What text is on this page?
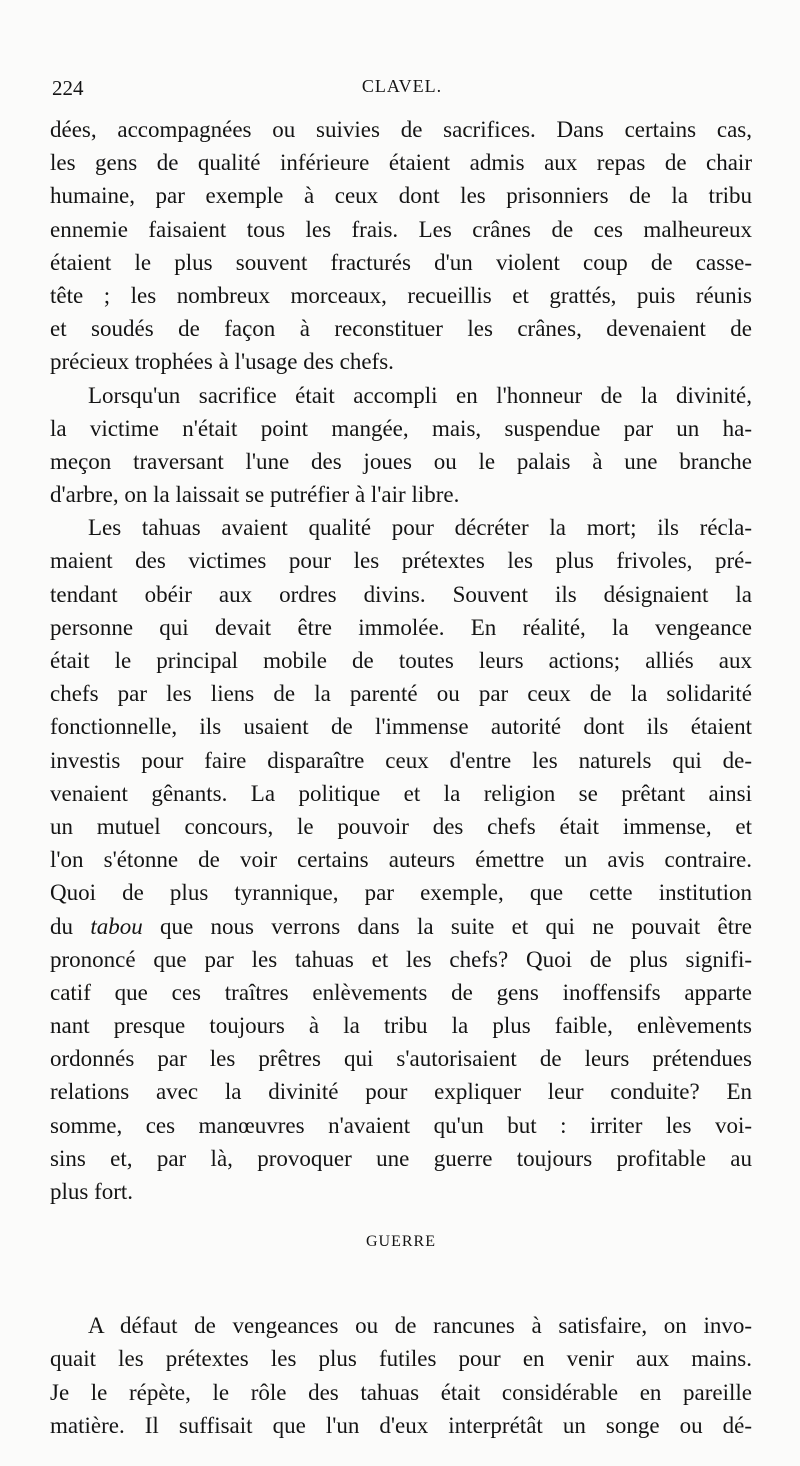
224	CLAVEL.
dées, accompagnées ou suivies de sacrifices. Dans certains cas,
les gens de qualité inférieure étaient admis aux repas de chair
humaine, par exemple à ceux dont les prisonniers de la tribu
ennemie faisaient tous les frais. Les crânes de ces malheureux
étaient le plus souvent fracturés d'un violent coup de casse-
tête ; les nombreux morceaux, recueillis et grattés, puis réunis
et soudés de façon à reconstituer les crânes, devenaient de
précieux trophées à l'usage des chefs.
Lorsqu'un sacrifice était accompli en l'honneur de la divinité,
la victime n'était point mangée, mais, suspendue par un ha-
meçon traversant l'une des joues ou le palais à une branche
d'arbre, on la laissait se putréfier à l'air libre.
Les tahuas avaient qualité pour décréter la mort; ils récla-
maient des victimes pour les prétextes les plus frivoles, pré-
tendant obéir aux ordres divins. Souvent ils désignaient la
personne qui devait être immolée. En réalité, la vengeance
était le principal mobile de toutes leurs actions; alliés aux
chefs par les liens de la parenté ou par ceux de la solidarité
fonctionnelle, ils usaient de l'immense autorité dont ils étaient
investis pour faire disparaître ceux d'entre les naturels qui de-
venaient gênants. La politique et la religion se prêtant ainsi
un mutuel concours, le pouvoir des chefs était immense, et
l'on s'étonne de voir certains auteurs émettre un avis contraire.
Quoi de plus tyrannique, par exemple, que cette institution
du tabou que nous verrons dans la suite et qui ne pouvait être
prononcé que par les tahuas et les chefs? Quoi de plus signifi-
catif que ces traîtres enlèvements de gens inoffensifs apparte
nant presque toujours à la tribu la plus faible, enlèvements
ordonnés par les prêtres qui s'autorisaient de leurs prétendues
relations avec la divinité pour expliquer leur conduite? En
somme, ces manœuvres n'avaient qu'un but : irriter les voi-
sins et, par là, provoquer une guerre toujours profitable au
plus fort.
GUERRE
A défaut de vengeances ou de rancunes à satisfaire, on invo-
quait les prétextes les plus futiles pour en venir aux mains.
Je le répète, le rôle des tahuas était considérable en pareille
matière. Il suffisait que l'un d'eux interprétât un songe ou dé-
